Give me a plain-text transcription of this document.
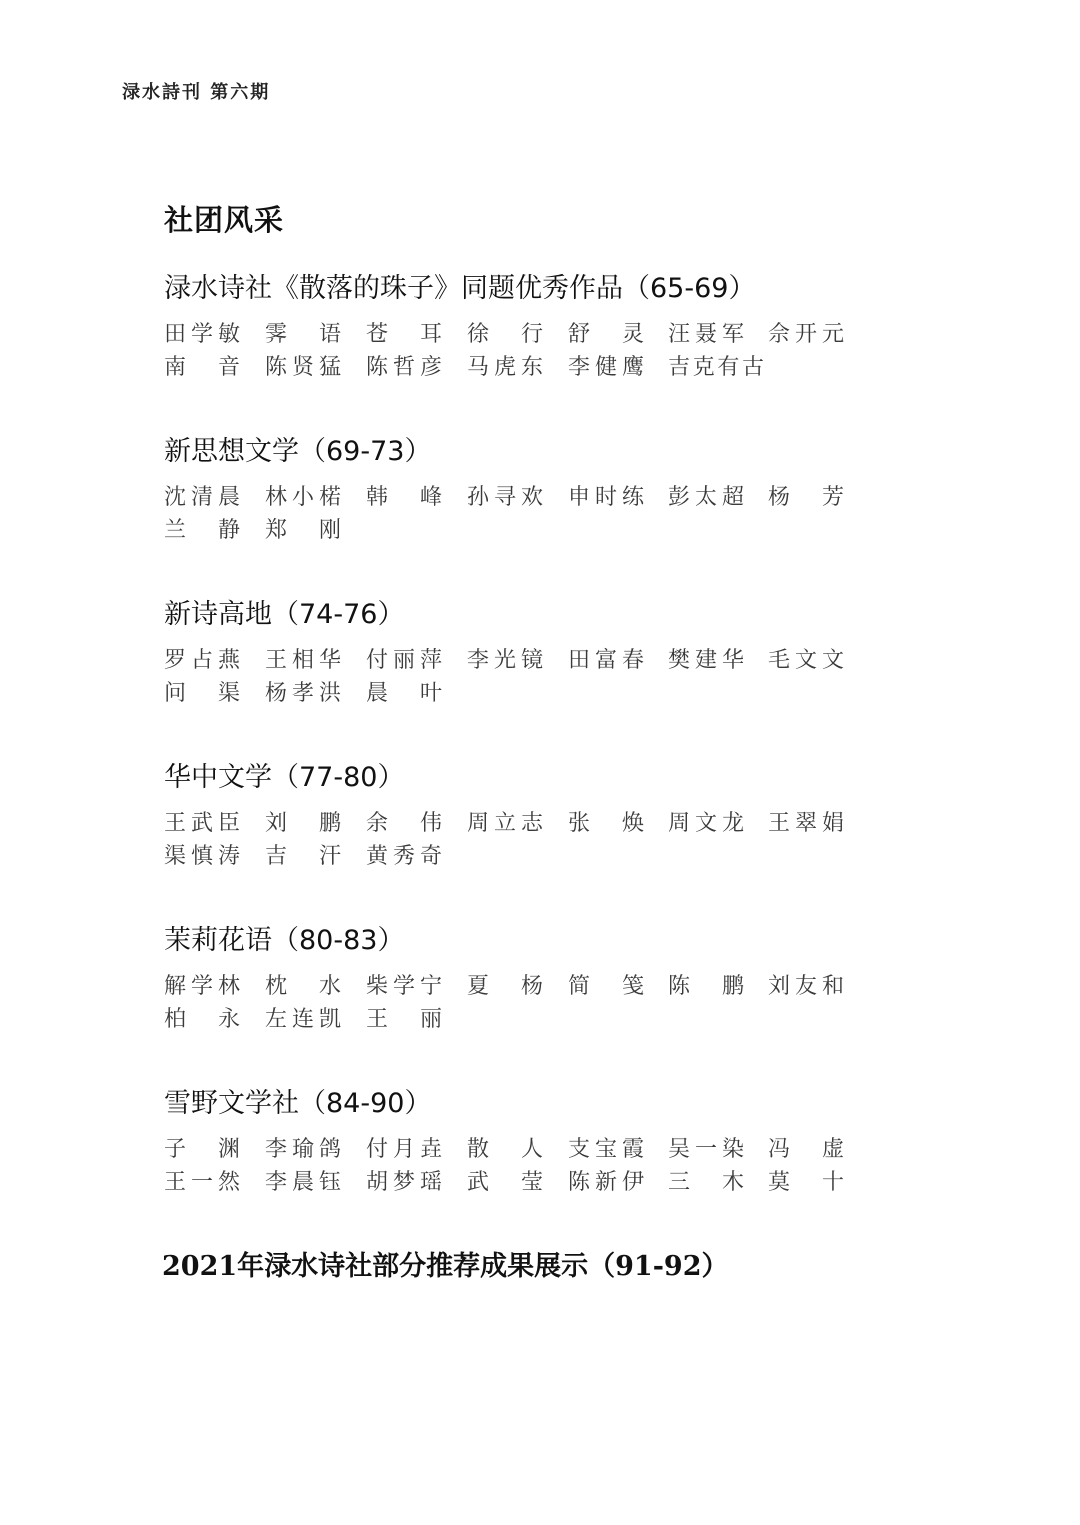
渌水詩刊 第六期
社团风采
渌水诗社《散落的珠子》同题优秀作品（65-69）
田 学 敏 霁
语 苍
耳 徐
行 舒
灵 汪 聂 军 佘 开 元
南
音 陈 贤 猛 陈 哲 彦 马 虎 东 李 健 鹰 吉 克 有 古
新思想文学（69-73）
沈 清 晨 林 小 楉 韩
峰 孙 寻 欢 申 时 练 彭 太 超 杨
芳
兰
静 郑
刚
新诗高地（74-76）
罗 占 燕 王 相 华 付 丽 萍 李 光 镜 田 富 春 樊 建 华 毛 文 文
问
渠 杨 孝 洪 晨
叶
华中文学（77-80）
王 武 臣 刘
鹏 余
伟 周 立 志 张
焕 周 文 龙 王 翠 娟
渠 慎 涛 吉
汗 黄 秀 奇
茉莉花语（80-83）
解 学 林 枕
水 柴 学 宁 夏
杨 简
笺 陈
鹏 刘 友 和
柏
永 左 连 凯 王
丽
雪野文学社（84-90）
子
渊 李 瑜 鸽 付 月 垚 散
人 支 宝 霞 吴 一 染 冯
虚
王 一 然 李 晨 钰 胡 梦 瑶 武
莹 陈 新 伊 三
木 莫
十
2021年渌水诗社部分推荐成果展示（91-92）
